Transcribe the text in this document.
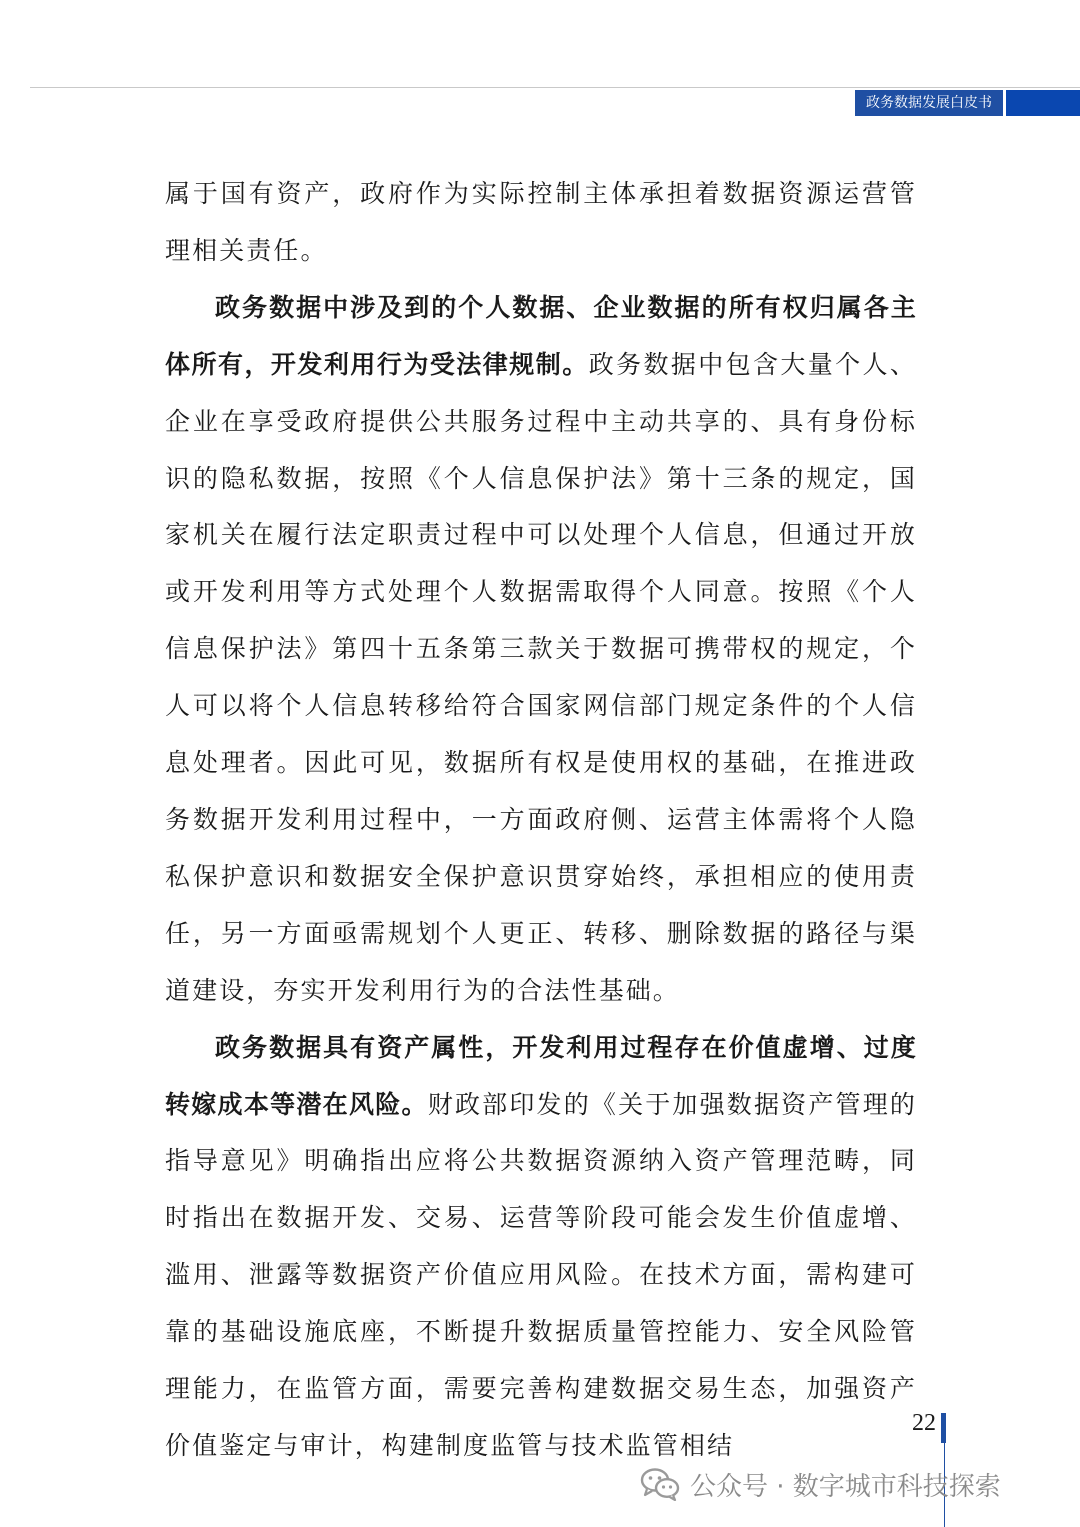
政务数据发展白皮书

属于国有资产，政府作为实际控制主体承担着数据资源运营管理相关责任。

政务数据中涉及到的个人数据、企业数据的所有权归属各主体所有，开发利用行为受法律规制。政务数据中包含大量个人、企业在享受政府提供公共服务过程中主动共享的、具有身份标识的隐私数据，按照《个人信息保护法》第十三条的规定，国家机关在履行法定职责过程中可以处理个人信息，但通过开放或开发利用等方式处理个人数据需取得个人同意。按照《个人信息保护法》第四十五条第三款关于数据可携带权的规定，个人可以将个人信息转移给符合国家网信部门规定条件的个人信息处理者。因此可见，数据所有权是使用权的基础，在推进政务数据开发利用过程中，一方面政府侧、运营主体需将个人隐私保护意识和数据安全保护意识贯穿始终，承担相应的使用责任，另一方面亟需规划个人更正、转移、删除数据的路径与渠道建设，夯实开发利用行为的合法性基础。

政务数据具有资产属性，开发利用过程存在价值虚增、过度转嫁成本等潜在风险。财政部印发的《关于加强数据资产管理的指导意见》明确指出应将公共数据资源纳入资产管理范畴，同时指出在数据开发、交易、运营等阶段可能会发生价值虚增、滥用、泄露等数据资产价值应用风险。在技术方面，需构建可靠的基础设施底座，不断提升数据质量管控能力、安全风险管理能力，在监管方面，需要完善构建数据交易生态，加强资产价值鉴定与审计，构建制度监管与技术监管相结

22
公众号 · 数字城市科技探索
